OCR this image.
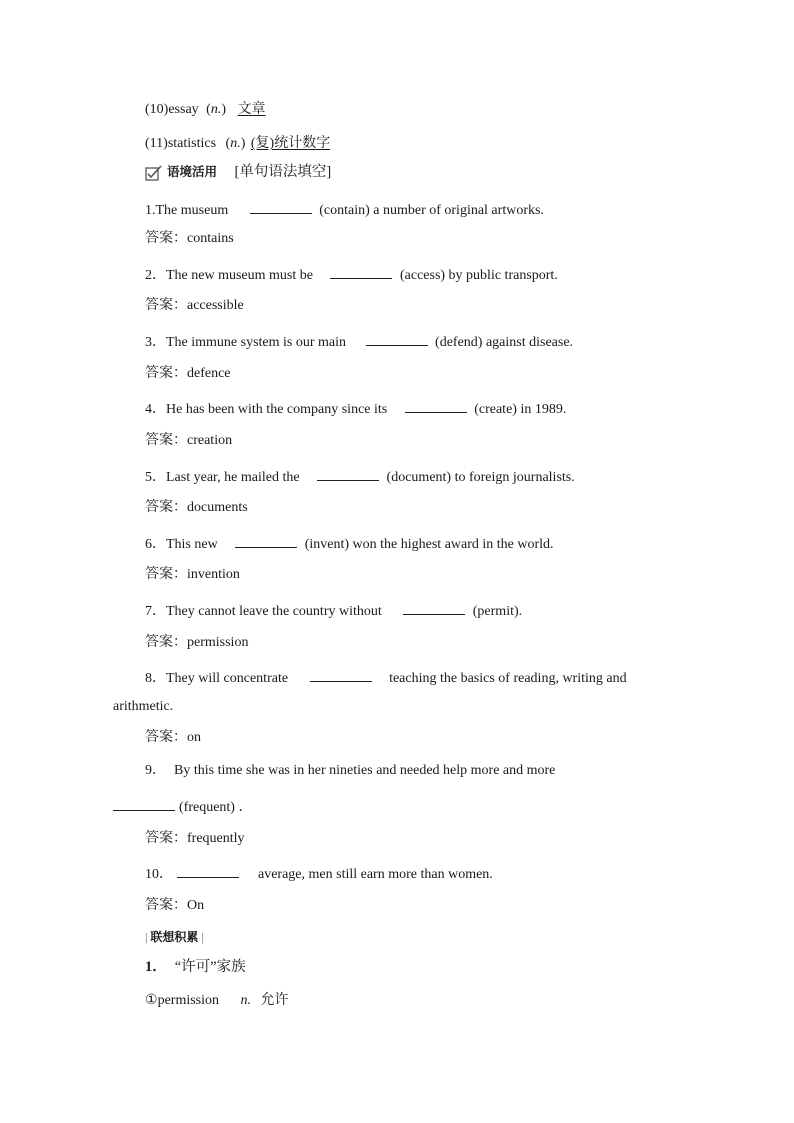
(10)essay (n.) 文章
(11)statistics (n.) (复)统计数字
语境活用 [单句语法填空]
1.The museum	(contain) a number of original artworks.
答案：contains
2．The new museum must be	(access) by public transport.
答案：accessible
3．The immune system is our main	(defend) against disease.
答案：defence
4．He has been with the company since its	(create) in 1989.
答案：creation
5．Last year, he mailed the	(document) to foreign journalists.
答案：documents
6．This new	(invent) won the highest award in the world.
答案：invention
7．They cannot leave the country without	(permit).
答案：permission
8．They will concentrate	teaching the basics of reading, writing and
arithmetic.
答案：on
9． By this time she was in her nineties and needed help more and more
(frequent) ．
答案：frequently
10．	average, men still earn more than women.
答案：On
| 联想积累 |
1． “许可”家族
①permission n. 允许
